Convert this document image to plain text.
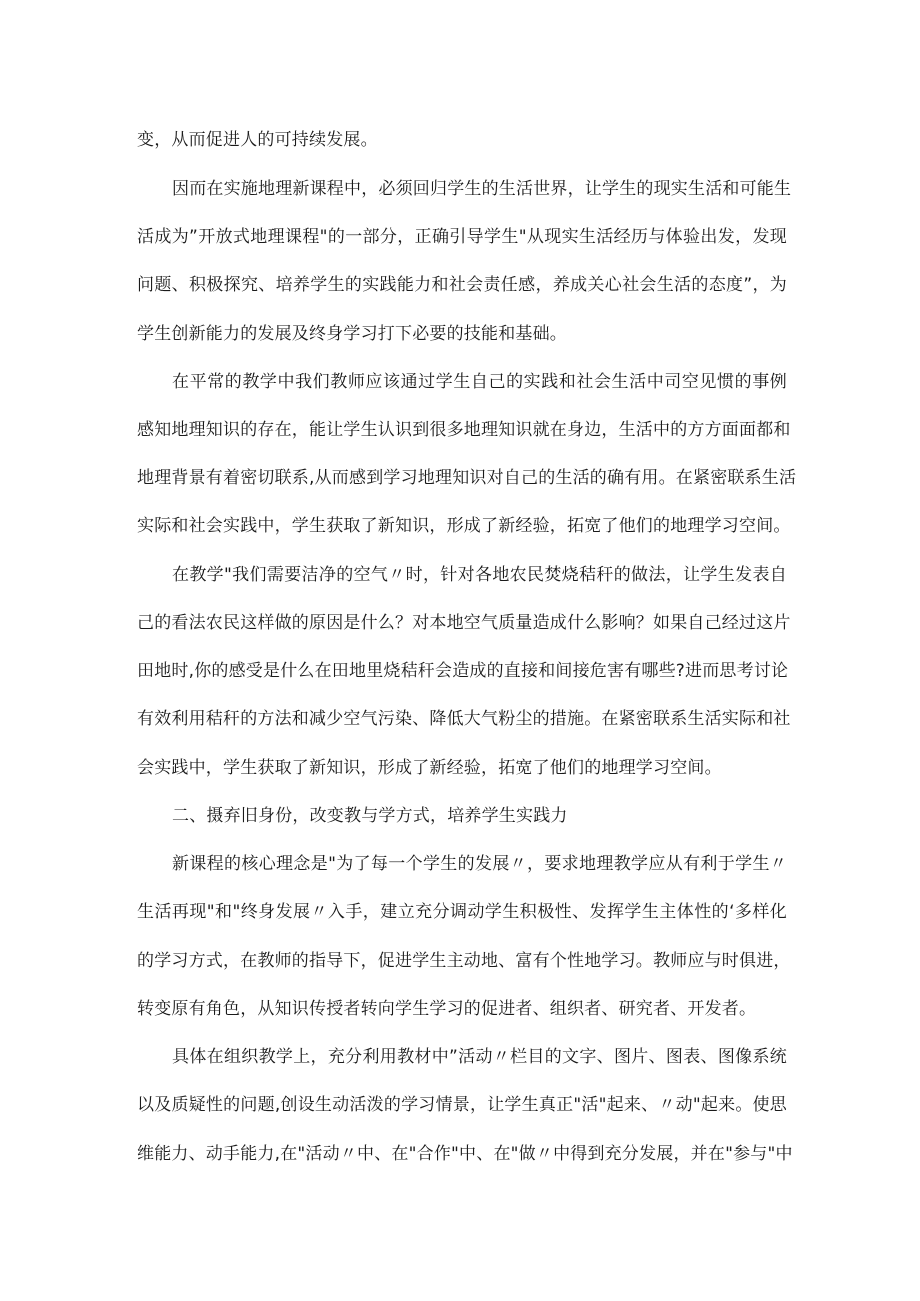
变，从而促进人的可持续发展。
因而在实施地理新课程中，必须回归学生的生活世界，让学生的现实生活和可能生
活成为”开放式地理课程"的一部分，正确引导学生"从现实生活经历与体验出发，发现
问题、积极探究、培养学生的实践能力和社会责任感，养成关心社会生活的态度”，为
学生创新能力的发展及终身学习打下必要的技能和基础。
在平常的教学中我们教师应该通过学生自己的实践和社会生活中司空见惯的事例
感知地理知识的存在，能让学生认识到很多地理知识就在身边，生活中的方方面面都和
地理背景有着密切联系,从而感到学习地理知识对自己的生活的确有用。在紧密联系生活
实际和社会实践中，学生获取了新知识，形成了新经验，拓宽了他们的地理学习空间。
在教学"我们需要洁净的空气〃时，针对各地农民焚烧秸秆的做法，让学生发表自
己的看法农民这样做的原因是什么？对本地空气质量造成什么影响？如果自己经过这片
田地时,你的感受是什么在田地里烧秸秆会造成的直接和间接危害有哪些?进而思考讨论
有效利用秸秆的方法和减少空气污染、降低大气粉尘的措施。在紧密联系生活实际和社
会实践中，学生获取了新知识，形成了新经验，拓宽了他们的地理学习空间。
二、摄弃旧身份，改变教与学方式，培养学生实践力
新课程的核心理念是"为了每一个学生的发展〃，要求地理教学应从有利于学生〃
生活再现"和"终身发展〃入手，建立充分调动学生积极性、发挥学生主体性的‘多样化
的学习方式，在教师的指导下，促进学生主动地、富有个性地学习。教师应与时俱进，
转变原有角色，从知识传授者转向学生学习的促进者、组织者、研究者、开发者。
具体在组织教学上，充分利用教材中”活动〃栏目的文字、图片、图表、图像系统
以及质疑性的问题,创设生动活泼的学习情景，让学生真正"活"起来、〃动"起来。使思
维能力、动手能力,在"活动〃中、在"合作"中、在"做〃中得到充分发展，并在"参与"中
